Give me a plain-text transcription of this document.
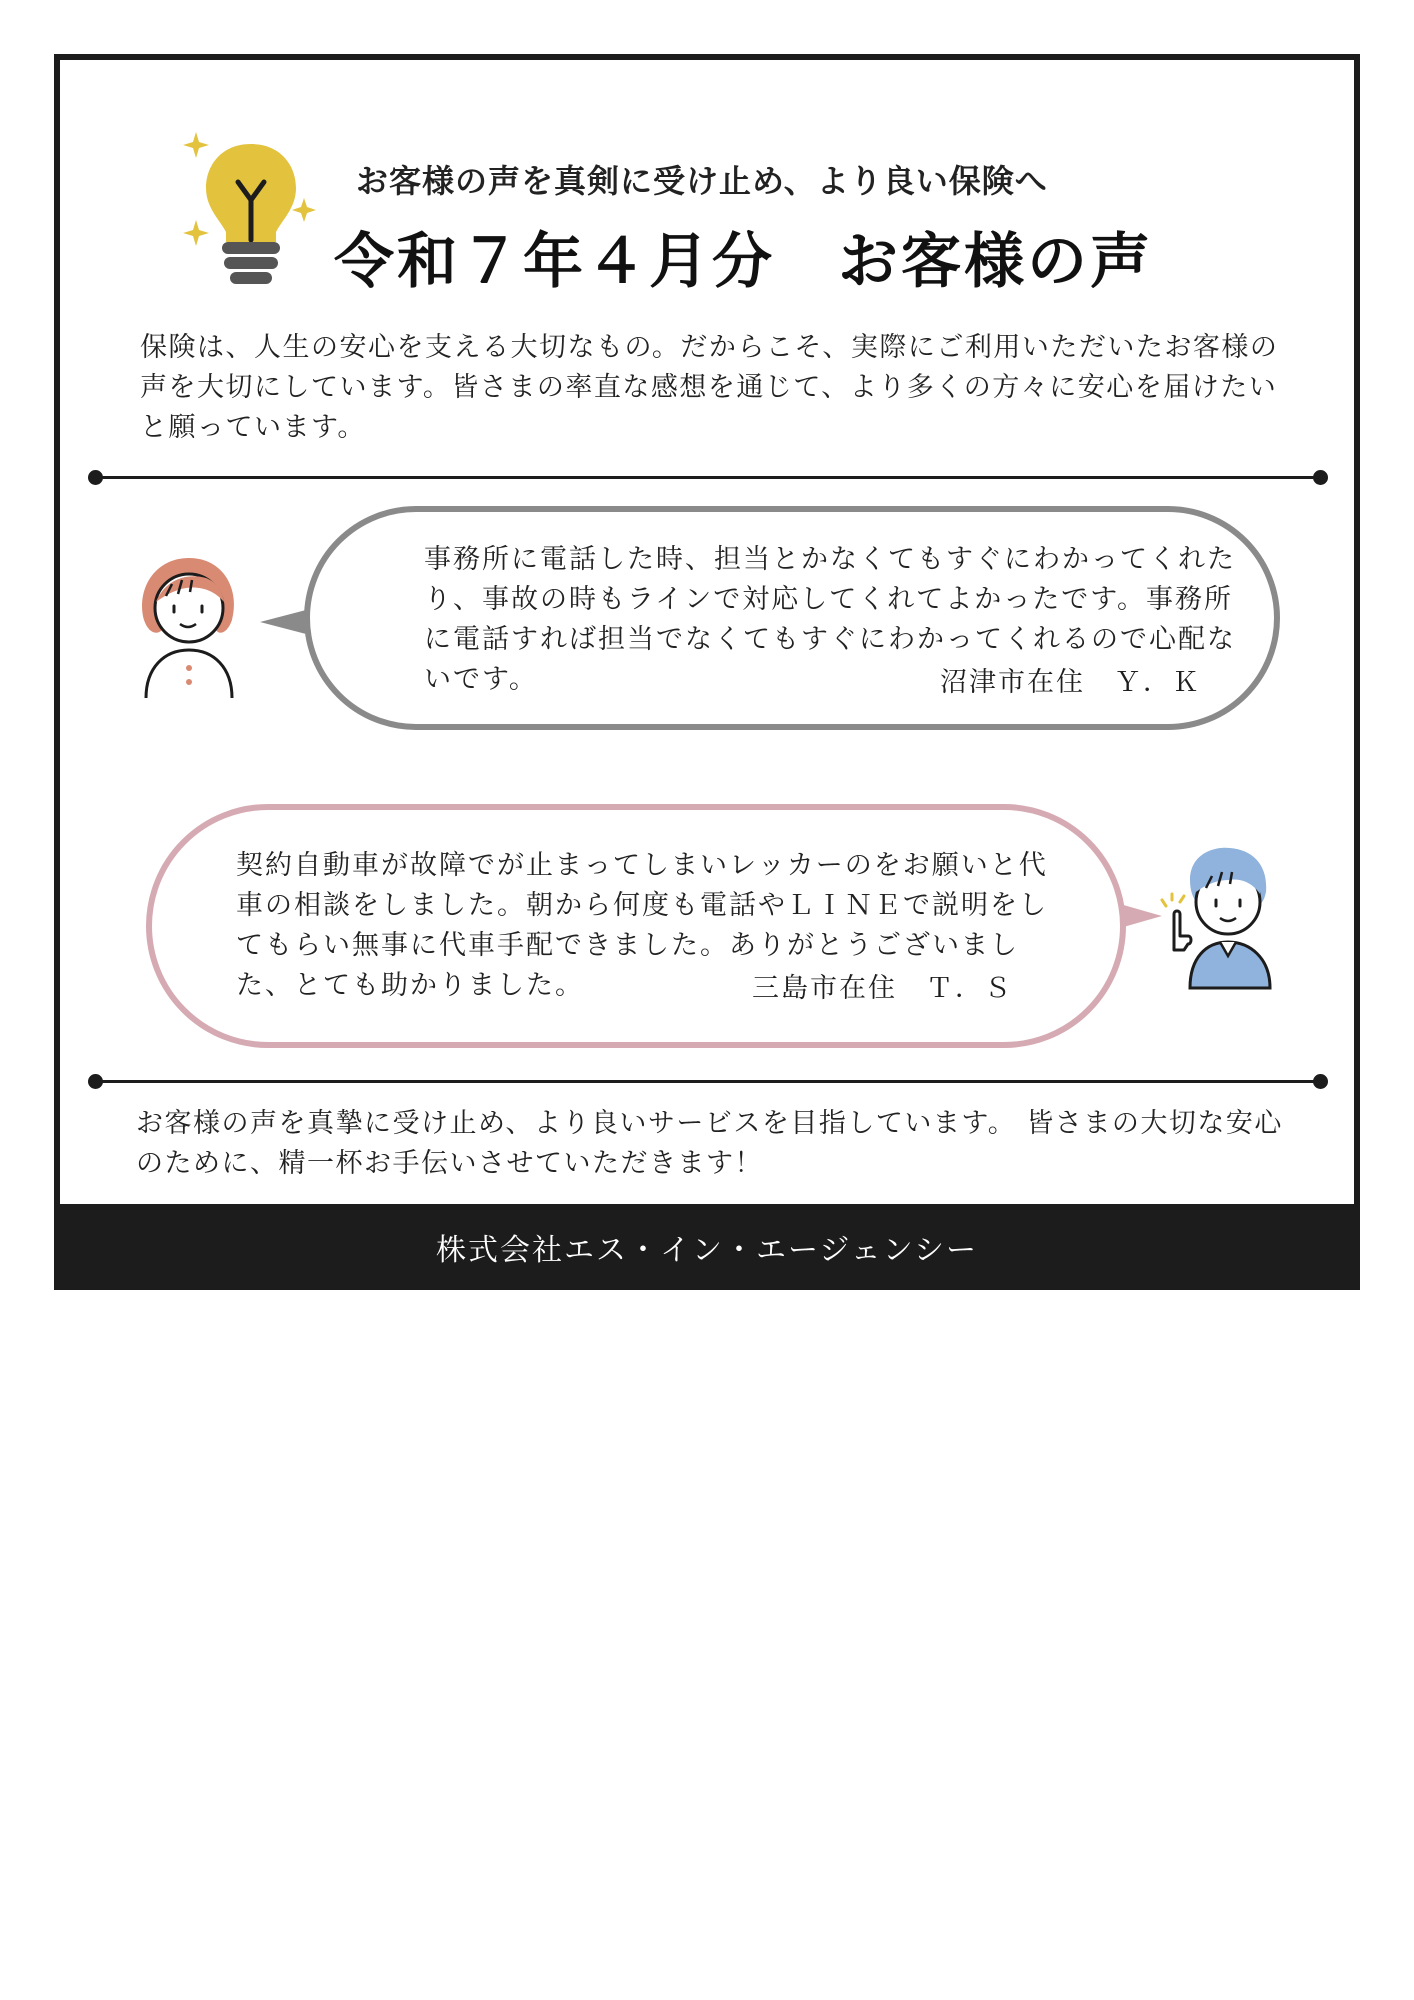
お客様の声を真剣に受け止め、より良い保険へ
令和７年４月分　お客様の声
保険は、人生の安心を支える大切なもの。だからこそ、実際にご利用いただいたお客様の声を大切にしています。皆さまの率直な感想を通じて、より多くの方々に安心を届けたいと願っています。
事務所に電話した時、担当とかなくてもすぐにわかってくれたり、事故の時もラインで対応してくれてよかったです。事務所に電話すれば担当でなくてもすぐにわかってくれるので心配ないです。	沼津市在住　Ｙ．Ｋ
契約自動車が故障でが止まってしまいレッカーのをお願いと代車の相談をしました。朝から何度も電話やＬＩＮＥで説明をしてもらい無事に代車手配できました。ありがとうございました、とても助かりました。	三島市在住　Ｔ．Ｓ
お客様の声を真摯に受け止め、より良いサービスを目指しています。 皆さまの大切な安心のために、精一杯お手伝いさせていただきます！
株式会社エス・イン・エージェンシー
